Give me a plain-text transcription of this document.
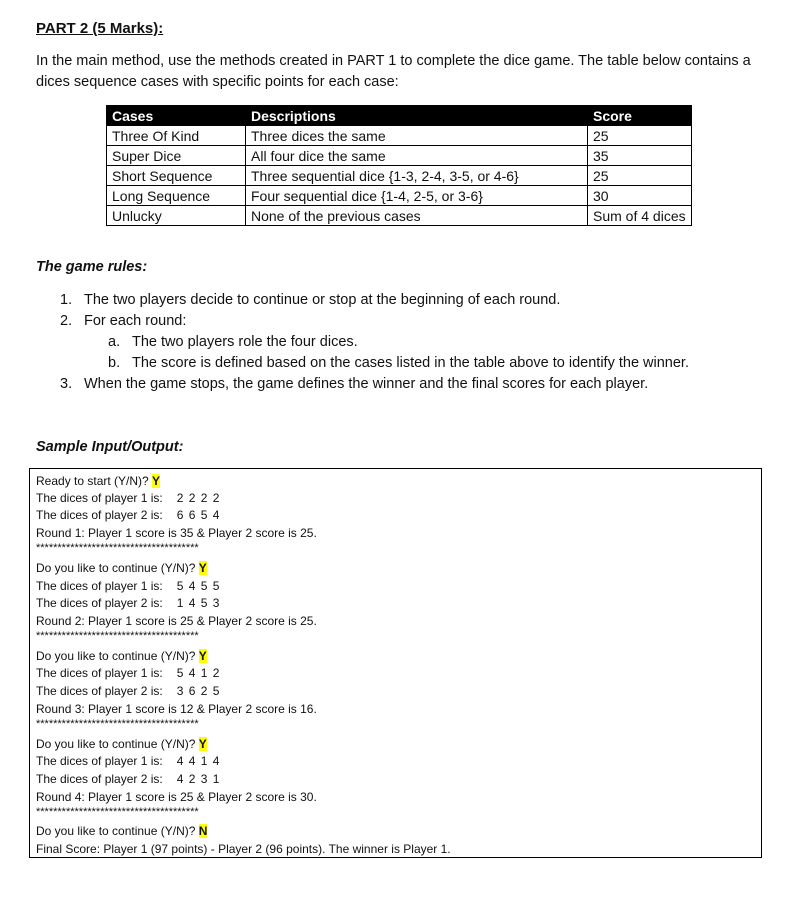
PART 2 (5 Marks):

In the main method, use the methods created in PART 1 to complete the dice game. The table below contains a dices sequence cases with specific points for each case:

Cases	Descriptions	Score
Three Of Kind	Three dices the same	25
Super Dice	All four dice the same	35
Short Sequence	Three sequential dice {1-3, 2-4, 3-5, or 4-6}	25
Long Sequence	Four sequential dice {1-4, 2-5, or 3-6}	30
Unlucky	None of the previous cases	Sum of 4 dices
The game rules:
1. The two players decide to continue or stop at the beginning of each round.
2. For each round:
a. The two players role the four dices.
b. The score is defined based on the cases listed in the table above to identify the winner.
3. When the game stops, the game defines the winner and the final scores for each player.
Sample Input/Output:
Ready to start (Y/N)? Y
The dices of player 1 is: 2 2 2 2
The dices of player 2 is: 6 6 5 4
Round 1: Player 1 score is 35 & Player 2 score is 25.
**************************************
Do you like to continue (Y/N)? Y
The dices of player 1 is: 5 4 5 5
The dices of player 2 is: 1 4 5 3
Round 2: Player 1 score is 25 & Player 2 score is 25.
**************************************
Do you like to continue (Y/N)? Y
The dices of player 1 is: 5 4 1 2
The dices of player 2 is: 3 6 2 5
Round 3: Player 1 score is 12 & Player 2 score is 16.
**************************************
Do you like to continue (Y/N)? Y
The dices of player 1 is: 4 4 1 4
The dices of player 2 is: 4 2 3 1
Round 4: Player 1 score is 25 & Player 2 score is 30.
**************************************
Do you like to continue (Y/N)? N
Final Score: Player 1 (97 points) - Player 2 (96 points). The winner is Player 1.
